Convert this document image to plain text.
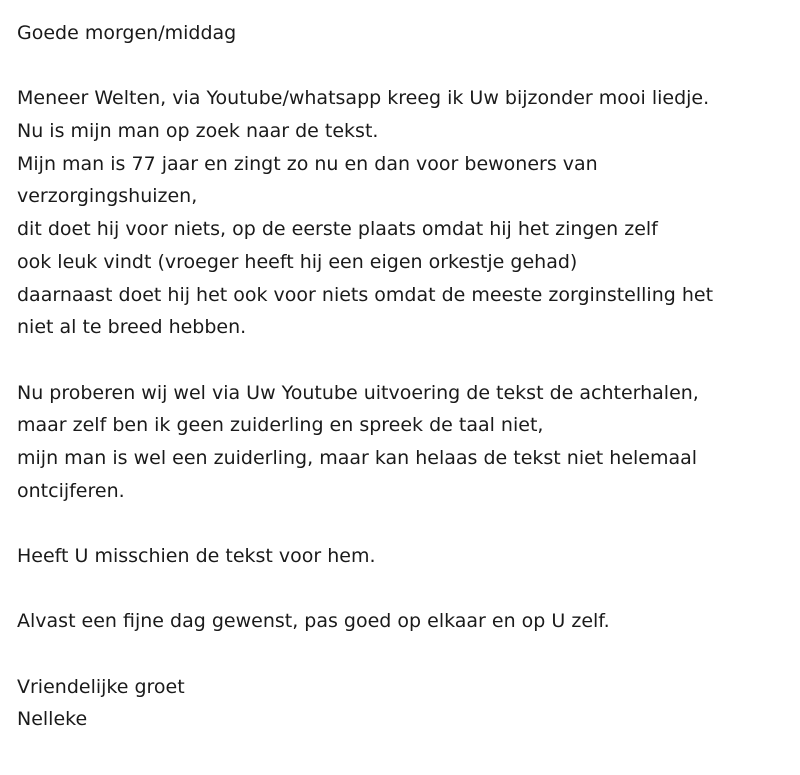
Goede morgen/middag
Meneer Welten, via Youtube/whatsapp kreeg ik Uw bijzonder mooi liedje.
Nu is mijn man op zoek naar de tekst.
Mijn man is 77 jaar en zingt zo nu en dan voor bewoners van
verzorgingshuizen,
dit doet hij voor niets, op de eerste plaats omdat hij het zingen zelf
ook leuk vindt (vroeger heeft hij een eigen orkestje gehad)
daarnaast doet hij het ook voor niets omdat de meeste zorginstelling het
niet al te breed hebben.
Nu proberen wij wel via Uw Youtube uitvoering de tekst de achterhalen,
maar zelf ben ik geen zuiderling en spreek de taal niet,
mijn man is wel een zuiderling, maar kan helaas de tekst niet helemaal
ontcijferen.
Heeft U misschien de tekst voor hem.
Alvast een fijne dag gewenst, pas goed op elkaar en op U zelf.
Vriendelijke groet
Nelleke
